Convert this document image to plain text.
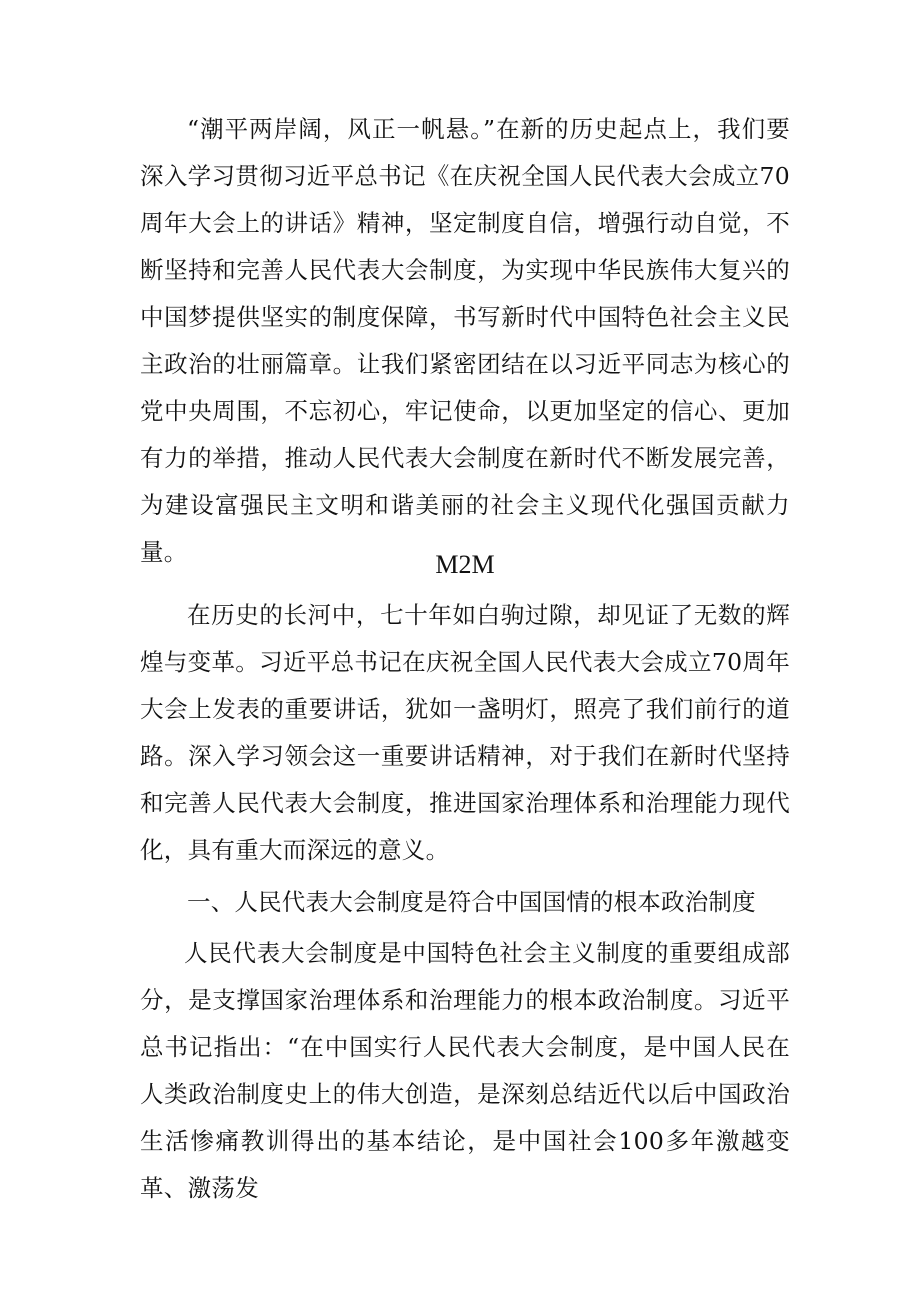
“潮平两岸阔，风正一帆悬。”在新的历史起点上，我们要深入学习贯彻习近平总书记《在庆祝全国人民代表大会成立70周年大会上的讲话》精神，坚定制度自信，增强行动自觉，不断坚持和完善人民代表大会制度，为实现中华民族伟大复兴的中国梦提供坚实的制度保障，书写新时代中国特色社会主义民主政治的壮丽篇章。让我们紧密团结在以习近平同志为核心的党中央周围，不忘初心，牢记使命，以更加坚定的信心、更加有力的举措，推动人民代表大会制度在新时代不断发展完善，为建设富强民主文明和谐美丽的社会主义现代化强国贡献力量。	M2M

在历史的长河中，七十年如白驹过隙，却见证了无数的辉煌与变革。习近平总书记在庆祝全国人民代表大会成立70周年大会上发表的重要讲话，犹如一盏明灯，照亮了我们前行的道路。深入学习领会这一重要讲话精神，对于我们在新时代坚持和完善人民代表大会制度，推进国家治理体系和治理能力现代化，具有重大而深远的意义。

一、人民代表大会制度是符合中国国情的根本政治制度

人民代表大会制度是中国特色社会主义制度的重要组成部分，是支撑国家治理体系和治理能力的根本政治制度。习近平总书记指出：“在中国实行人民代表大会制度，是中国人民在人类政治制度史上的伟大创造，是深刻总结近代以后中国政治生活惨痛教训得出的基本结论，是中国社会100多年激越变革、激荡发
